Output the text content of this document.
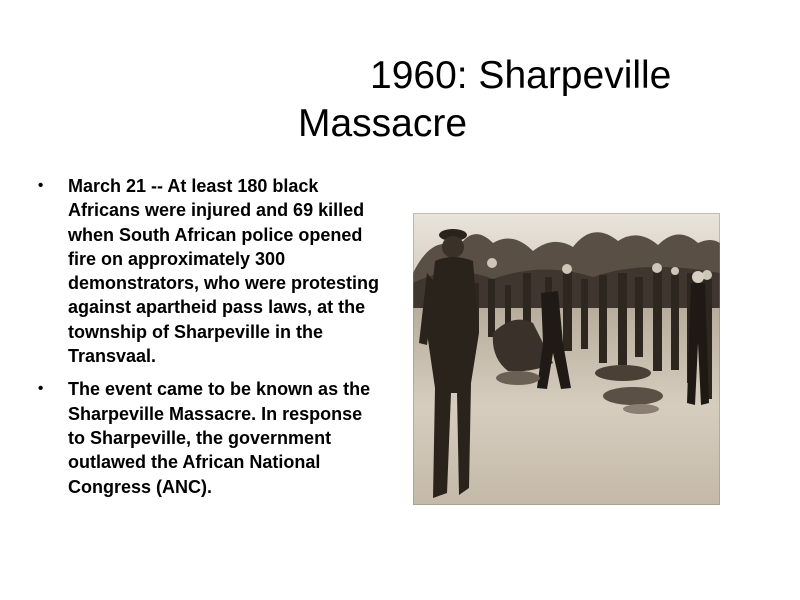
1960: Sharpeville
Massacre
• March 21 -- At least 180 black Africans were injured and 69 killed when South African police opened fire on approximately 300 demonstrators, who were protesting against apartheid pass laws, at the township of Sharpeville in the Transvaal.
• The event came to be known as the Sharpeville Massacre. In response to Sharpeville, the government outlawed the African National Congress (ANC).
